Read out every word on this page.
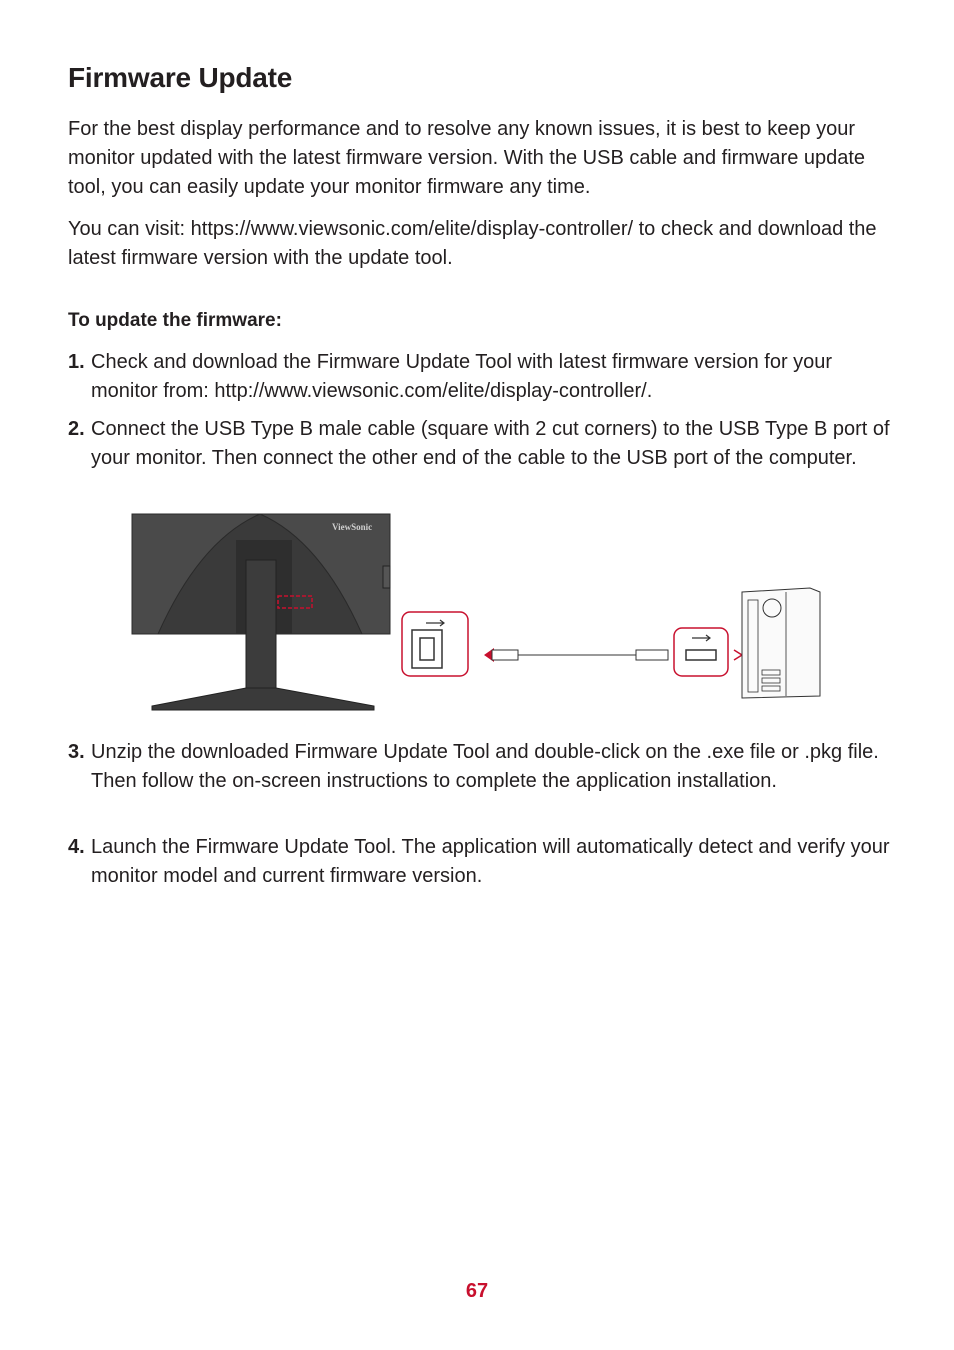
Firmware Update
For the best display performance and to resolve any known issues, it is best to keep your monitor updated with the latest firmware version. With the USB cable and firmware update tool, you can easily update your monitor firmware any time.
You can visit: https://www.viewsonic.com/elite/display-controller/ to check and download the latest firmware version with the update tool.
To update the firmware:
1. Check and download the Firmware Update Tool with latest firmware version for your monitor from: http://www.viewsonic.com/elite/display-controller/.
2. Connect the USB Type B male cable (square with 2 cut corners) to the USB Type B port of your monitor. Then connect the other end of the cable to the USB port of the computer.
ViewSonic
3. Unzip the downloaded Firmware Update Tool and double-click on the .exe file or .pkg file. Then follow the on-screen instructions to complete the application installation.
4. Launch the Firmware Update Tool. The application will automatically detect and verify your monitor model and current firmware version.
67
